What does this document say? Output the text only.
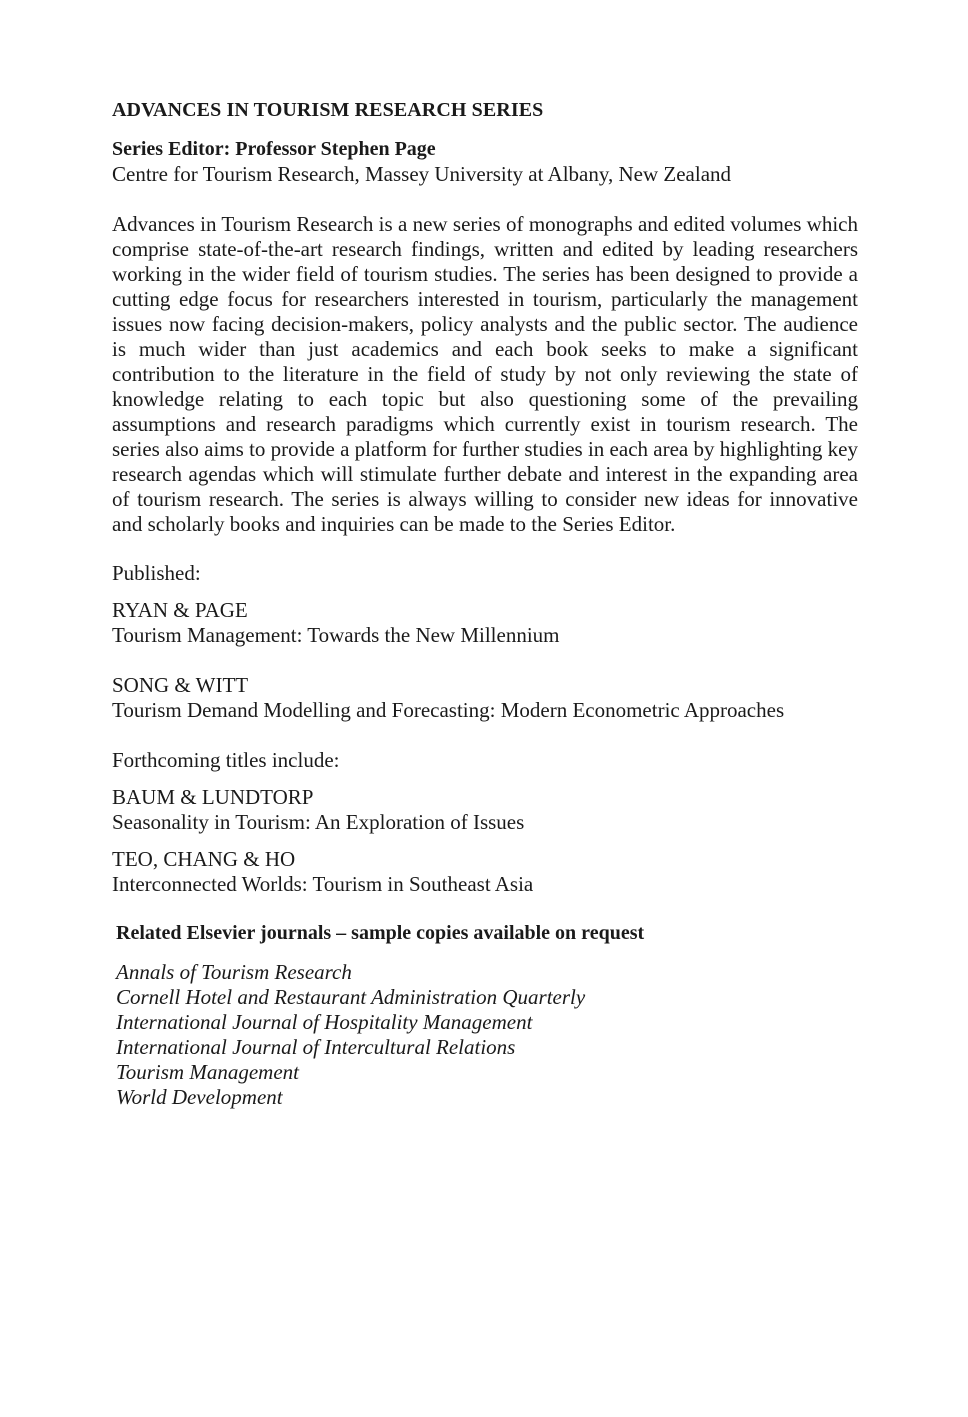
ADVANCES IN TOURISM RESEARCH SERIES

Series Editor: Professor Stephen Page

Centre for Tourism Research, Massey University at Albany, New Zealand

Advances in Tourism Research is a new series of monographs and edited volumes which comprise state-of-the-art research findings, written and edited by leading researchers working in the wider field of tourism studies. The series has been designed to provide a cutting edge focus for researchers interested in tourism, particularly the management issues now facing decision-makers, policy analysts and the public sector. The audience is much wider than just academics and each book seeks to make a significant contribution to the literature in the field of study by not only reviewing the state of knowledge relating to each topic but also questioning some of the prevailing assumptions and research paradigms which currently exist in tourism research. The series also aims to provide a platform for further studies in each area by highlighting key research agendas which will stimulate further debate and interest in the expanding area of tourism research. The series is always willing to consider new ideas for innovative and scholarly books and inquiries can be made to the Series Editor.

Published:

RYAN & PAGE
Tourism Management: Towards the New Millennium
SONG & WITT
Tourism Demand Modelling and Forecasting: Modern Econometric Approaches

Forthcoming titles include:

BAUM & LUNDTORP
Seasonality in Tourism: An Exploration of Issues
TEO, CHANG & HO
Interconnected Worlds: Tourism in Southeast Asia
Related Elsevier journals – sample copies available on request
Annals of Tourism Research
Cornell Hotel and Restaurant Administration Quarterly
International Journal of Hospitality Management
International Journal of Intercultural Relations
Tourism Management
World Development
